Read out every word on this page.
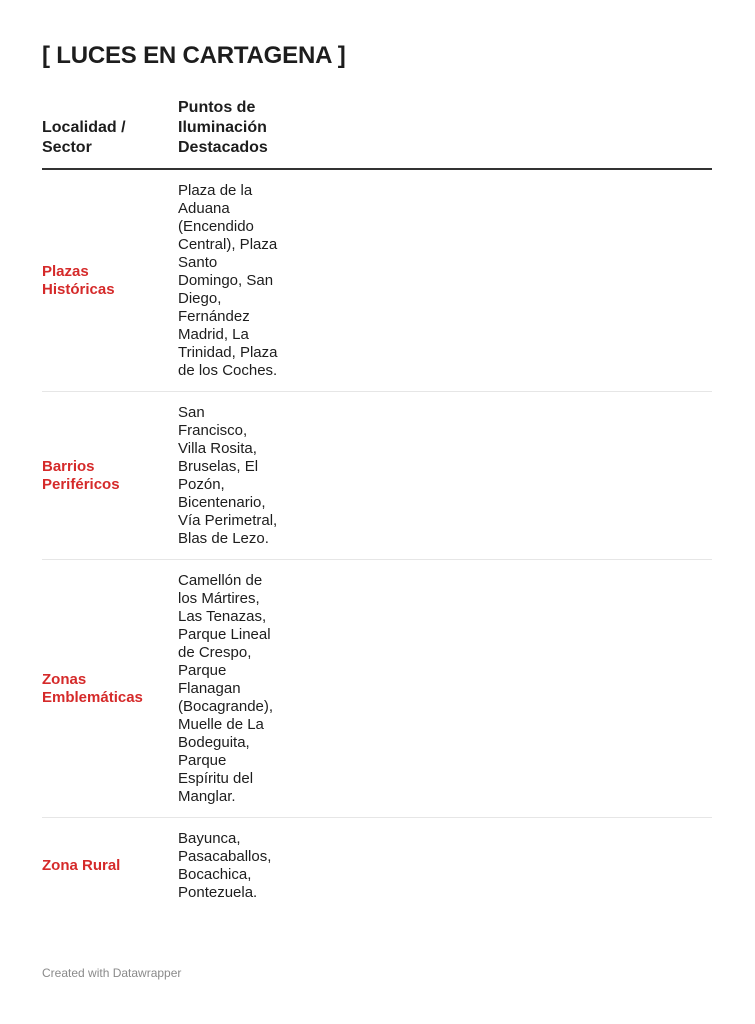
[ LUCES EN CARTAGENA ]
Localidad / Sector	Puntos de Iluminación Destacados

Plazas Históricas	Plaza de la Aduana (Encendido Central), Plaza Santo Domingo, San Diego, Fernández Madrid, La Trinidad, Plaza de los Coches.

Barrios Periféricos	San Francisco, Villa Rosita, Bruselas, El Pozón, Bicentenario, Vía Perimetral, Blas de Lezo.

Zonas Emblemáticas	Camellón de los Mártires, Las Tenazas, Parque Lineal de Crespo, Parque Flanagan (Bocagrande), Muelle de La Bodeguita, Parque Espíritu del Manglar.

Zona Rural	Bayunca, Pasacaballos, Bocachica, Pontezuela.
Created with Datawrapper
